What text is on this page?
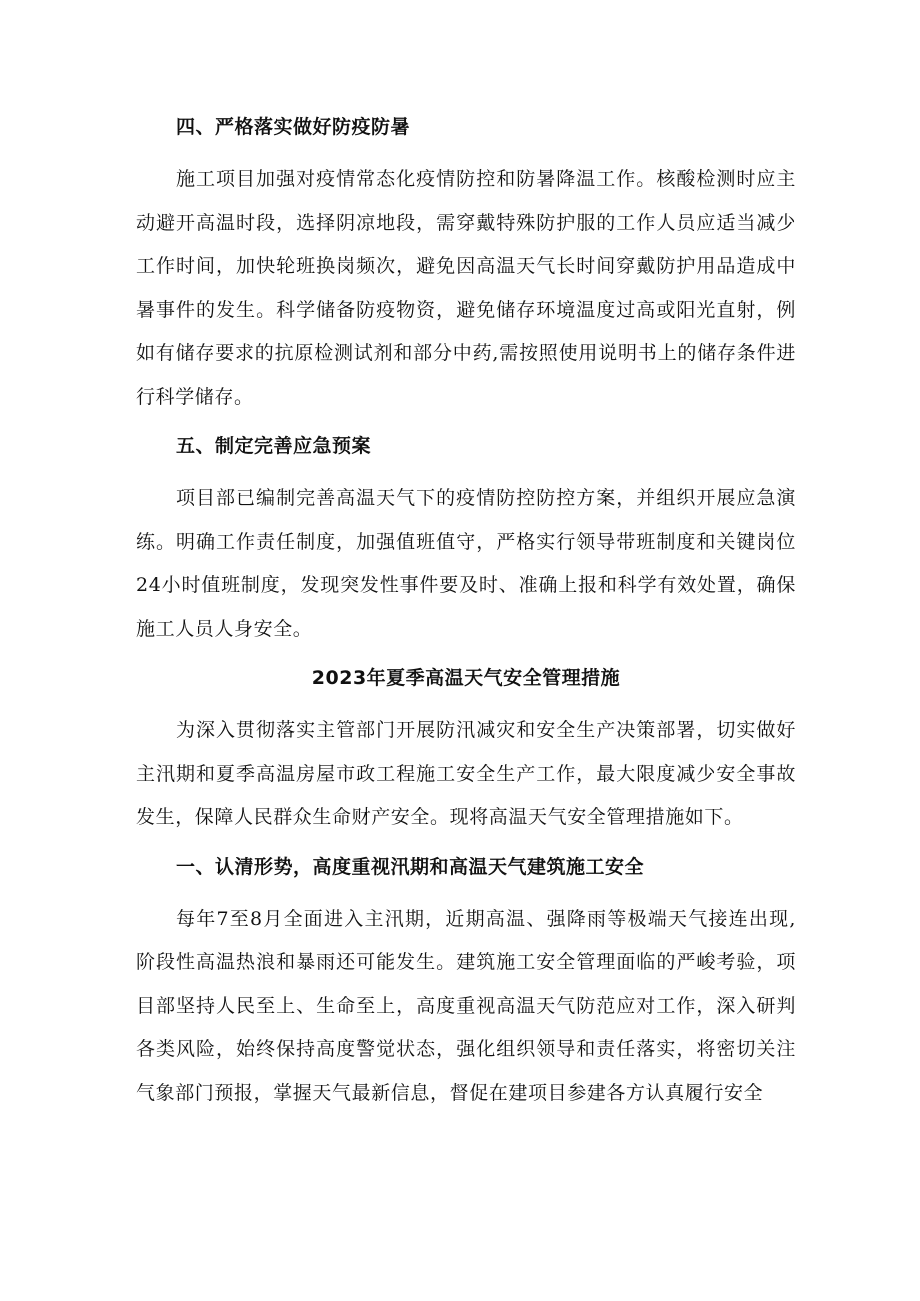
四、严格落实做好防疫防暑

施工项目加强对疫情常态化疫情防控和防暑降温工作。核酸检测时应主动避开高温时段，选择阴凉地段，需穿戴特殊防护服的工作人员应适当减少工作时间，加快轮班换岗频次，避免因高温天气长时间穿戴防护用品造成中暑事件的发生。科学储备防疫物资，避免储存环境温度过高或阳光直射，例如有储存要求的抗原检测试剂和部分中药,需按照使用说明书上的储存条件进行科学储存。

五、制定完善应急预案

项目部已编制完善高温天气下的疫情防控防控方案，并组织开展应急演练。明确工作责任制度，加强值班值守，严格实行领导带班制度和关键岗位24小时值班制度，发现突发性事件要及时、准确上报和科学有效处置，确保施工人员人身安全。

2023年夏季高温天气安全管理措施

为深入贯彻落实主管部门开展防汛减灾和安全生产决策部署，切实做好主汛期和夏季高温房屋市政工程施工安全生产工作，最大限度减少安全事故发生，保障人民群众生命财产安全。现将高温天气安全管理措施如下。

一、认清形势，高度重视汛期和高温天气建筑施工安全

每年7至8月全面进入主汛期，近期高温、强降雨等极端天气接连出现,阶段性高温热浪和暴雨还可能发生。建筑施工安全管理面临的严峻考验，项目部坚持人民至上、生命至上，高度重视高温天气防范应对工作，深入研判各类风险，始终保持高度警觉状态，强化组织领导和责任落实，将密切关注气象部门预报，掌握天气最新信息，督促在建项目参建各方认真履行安全
